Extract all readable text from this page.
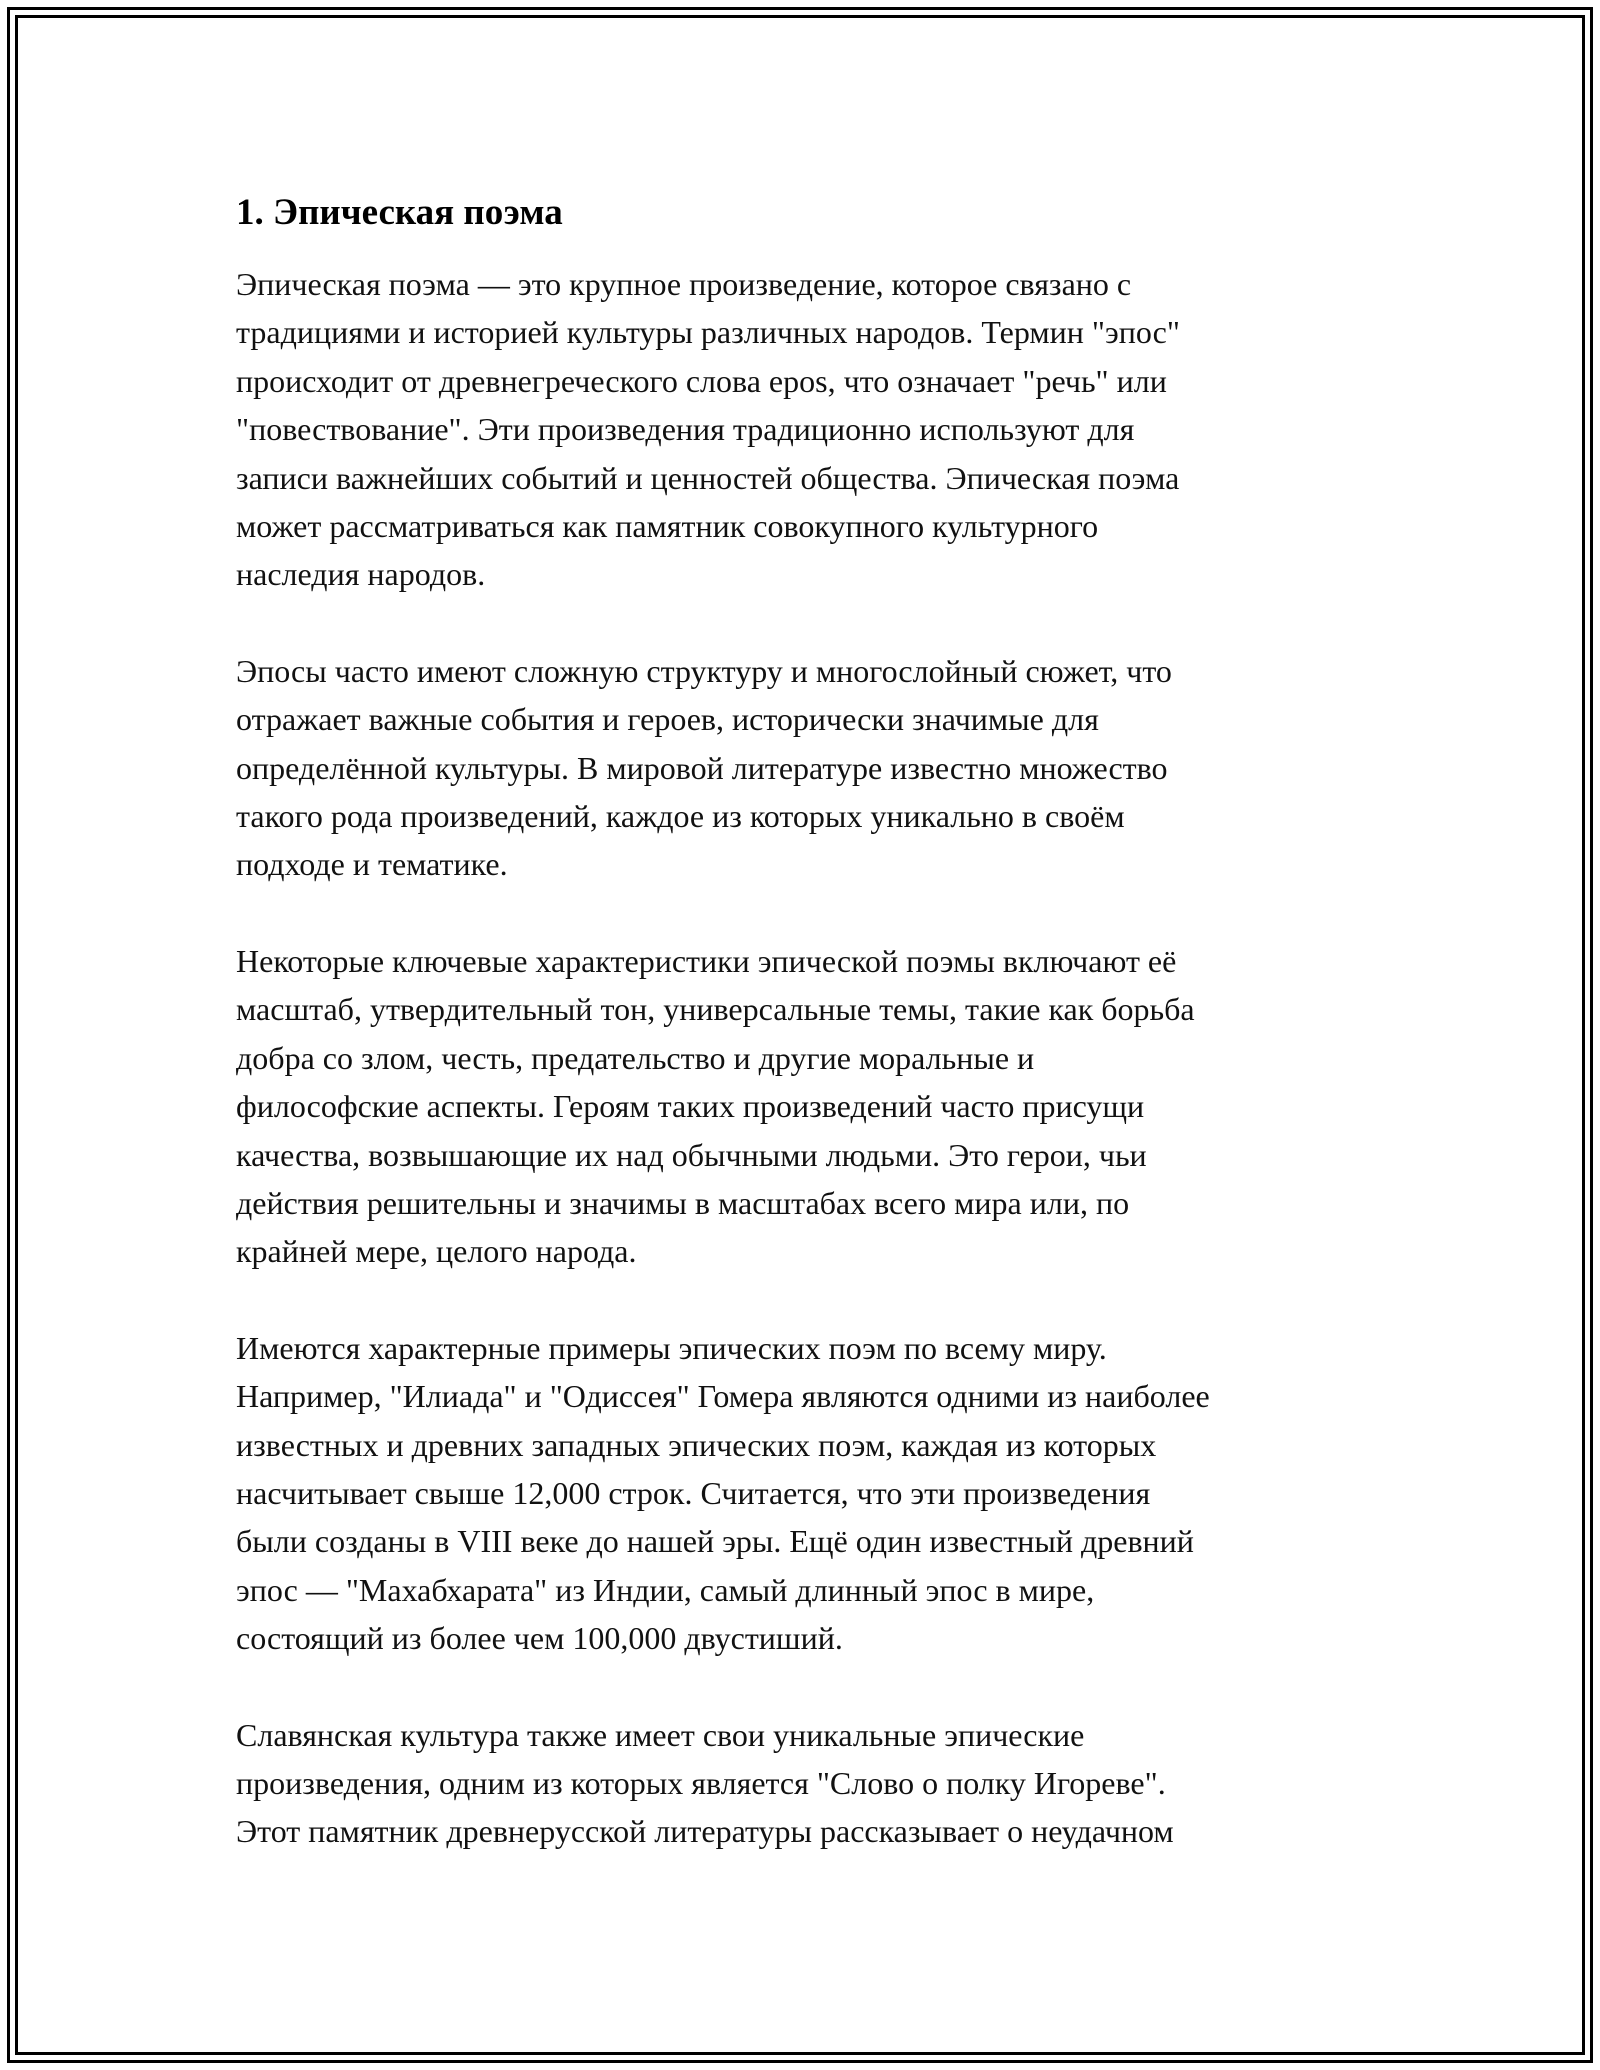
1. Эпическая поэма

Эпическая поэма — это крупное произведение, которое связано с
традициями и историей культуры различных народов. Термин "эпос"
происходит от древнегреческого слова epos, что означает "речь" или
"повествование". Эти произведения традиционно используют для
записи важнейших событий и ценностей общества. Эпическая поэма
может рассматриваться как памятник совокупного культурного
наследия народов.

Эпосы часто имеют сложную структуру и многослойный сюжет, что
отражает важные события и героев, исторически значимые для
определённой культуры. В мировой литературе известно множество
такого рода произведений, каждое из которых уникально в своём
подходе и тематике.

Некоторые ключевые характеристики эпической поэмы включают её
масштаб, утвердительный тон, универсальные темы, такие как борьба
добра со злом, честь, предательство и другие моральные и
философские аспекты. Героям таких произведений часто присущи
качества, возвышающие их над обычными людьми. Это герои, чьи
действия решительны и значимы в масштабах всего мира или, по
крайней мере, целого народа.

Имеются характерные примеры эпических поэм по всему миру.
Например, "Илиада" и "Одиссея" Гомера являются одними из наиболее
известных и древних западных эпических поэм, каждая из которых
насчитывает свыше 12,000 строк. Считается, что эти произведения
были созданы в VIII веке до нашей эры. Ещё один известный древний
эпос — "Махабхарата" из Индии, самый длинный эпос в мире,
состоящий из более чем 100,000 двустиший.

Славянская культура также имеет свои уникальные эпические
произведения, одним из которых является "Слово о полку Игореве".
Этот памятник древнерусской литературы рассказывает о неудачном
